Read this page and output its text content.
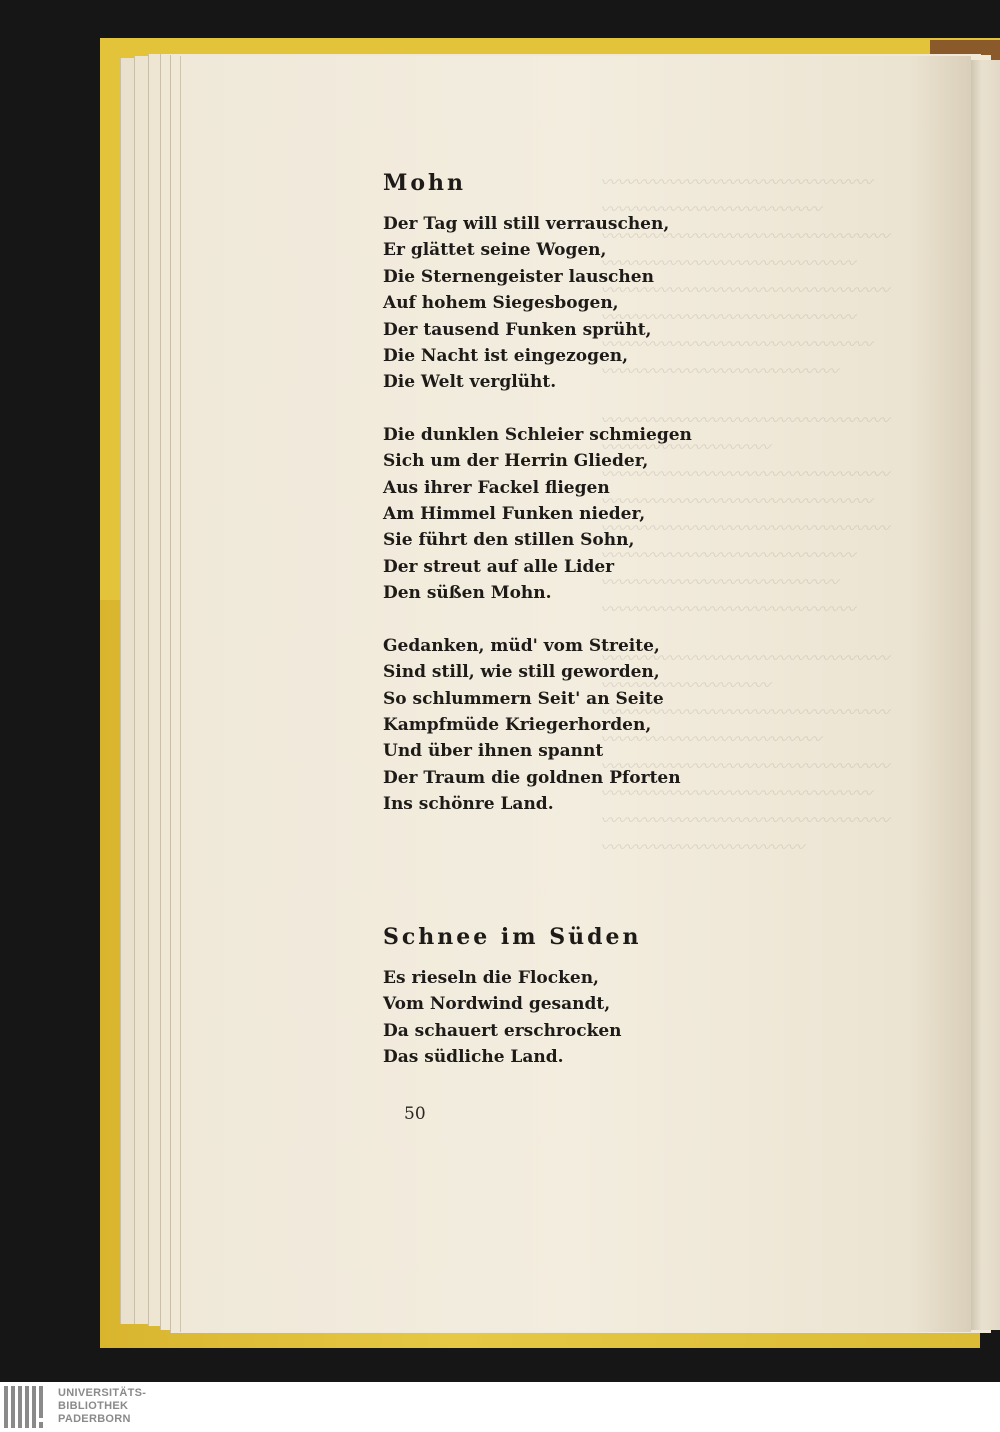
〰〰〰〰〰〰〰〰〰〰〰〰〰〰〰〰
〰〰〰〰〰〰〰〰〰〰〰〰〰
〰〰〰〰〰〰〰〰〰〰〰〰〰〰〰〰〰
〰〰〰〰〰〰〰〰〰〰〰〰〰〰〰
〰〰〰〰〰〰〰〰〰〰〰〰〰〰〰〰〰
〰〰〰〰〰〰〰〰〰〰〰〰〰〰〰
〰〰〰〰〰〰〰〰〰〰〰〰〰〰〰〰
〰〰〰〰〰〰〰〰〰〰〰〰〰〰
〰〰〰〰〰〰〰〰〰〰〰〰〰〰〰〰〰
〰〰〰〰〰〰〰〰〰〰
〰〰〰〰〰〰〰〰〰〰〰〰〰〰〰〰〰
〰〰〰〰〰〰〰〰〰〰〰〰〰〰〰〰
〰〰〰〰〰〰〰〰〰〰〰〰〰〰〰〰〰
〰〰〰〰〰〰〰〰〰〰〰〰〰〰〰
〰〰〰〰〰〰〰〰〰〰〰〰〰〰
〰〰〰〰〰〰〰〰〰〰〰〰〰〰〰
〰〰〰〰〰〰〰〰〰〰〰〰〰〰〰〰〰
〰〰〰〰〰〰〰〰〰〰
〰〰〰〰〰〰〰〰〰〰〰〰〰〰〰〰〰
〰〰〰〰〰〰〰〰〰〰〰〰〰
〰〰〰〰〰〰〰〰〰〰〰〰〰〰〰〰〰
〰〰〰〰〰〰〰〰〰〰〰〰〰〰〰〰
〰〰〰〰〰〰〰〰〰〰〰〰〰〰〰〰〰
〰〰〰〰〰〰〰〰〰〰〰〰
Mohn
Der Tag will still verrauschen,
Er glättet seine Wogen,
Die Sternengeister lauschen
Auf hohem Siegesbogen,
Der tausend Funken sprüht,
Die Nacht ist eingezogen,
Die Welt verglüht.
Die dunklen Schleier schmiegen
Sich um der Herrin Glieder,
Aus ihrer Fackel fliegen
Am Himmel Funken nieder,
Sie führt den stillen Sohn,
Der streut auf alle Lider
Den süßen Mohn.
Gedanken, müd' vom Streite,
Sind still, wie still geworden,
So schlummern Seit' an Seite
Kampfmüde Kriegerhorden,
Und über ihnen spannt
Der Traum die goldnen Pforten
Ins schönre Land.
Schnee im Süden
Es rieseln die Flocken,
Vom Nordwind gesandt,
Da schauert erschrocken
Das südliche Land.
50
UNIVERSITÄTS-
BIBLIOTHEK
PADERBORN
